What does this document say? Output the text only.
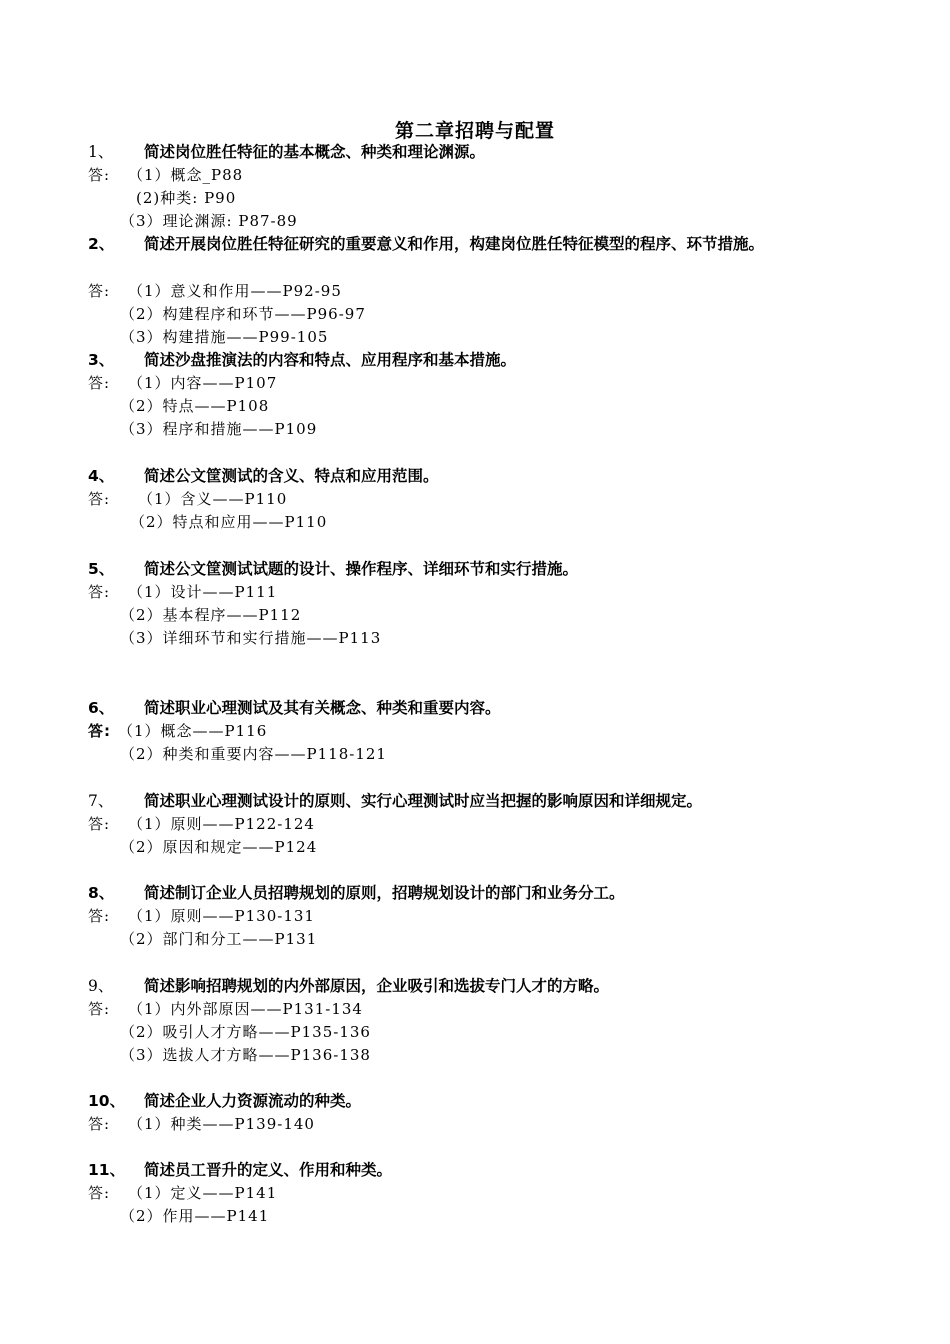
第二章招聘与配置
1、 简述岗位胜任特征的基本概念、种类和理论渊源。
答: （1）概念_P88
(2)种类: P90
（3）理论渊源: P87-89
2、 简述开展岗位胜任特征研究的重要意义和作用，构建岗位胜任特征模型的程序、环节措施。
答: （1）意义和作用——P92-95
（2）构建程序和环节——P96-97
（3）构建措施——P99-105
3、 简述沙盘推演法的内容和特点、应用程序和基本措施。
答: （1）内容——P107
（2）特点——P108
（3）程序和措施——P109
4、 简述公文筐测试的含义、特点和应用范围。
答: （1）含义——P110
（2）特点和应用——P110
5、 简述公文筐测试试题的设计、操作程序、详细环节和实行措施。
答: （1）设计——P111
（2）基本程序——P112
（3）详细环节和实行措施——P113
6、 简述职业心理测试及其有关概念、种类和重要内容。
答: （1）概念——P116
（2）种类和重要内容——P118-121
7、 简述职业心理测试设计的原则、实行心理测试时应当把握的影响原因和详细规定。
答: （1）原则——P122-124
（2）原因和规定——P124
8、 简述制订企业人员招聘规划的原则，招聘规划设计的部门和业务分工。
答: （1）原则——P130-131
（2）部门和分工——P131
9、 简述影响招聘规划的内外部原因，企业吸引和选拔专门人才的方略。
答: （1）内外部原因——P131-134
（2）吸引人才方略——P135-136
（3）选拔人才方略——P136-138
10、 简述企业人力资源流动的种类。
答: （1）种类——P139-140
11、 简述员工晋升的定义、作用和种类。
答: （1）定义——P141
（2）作用——P141
